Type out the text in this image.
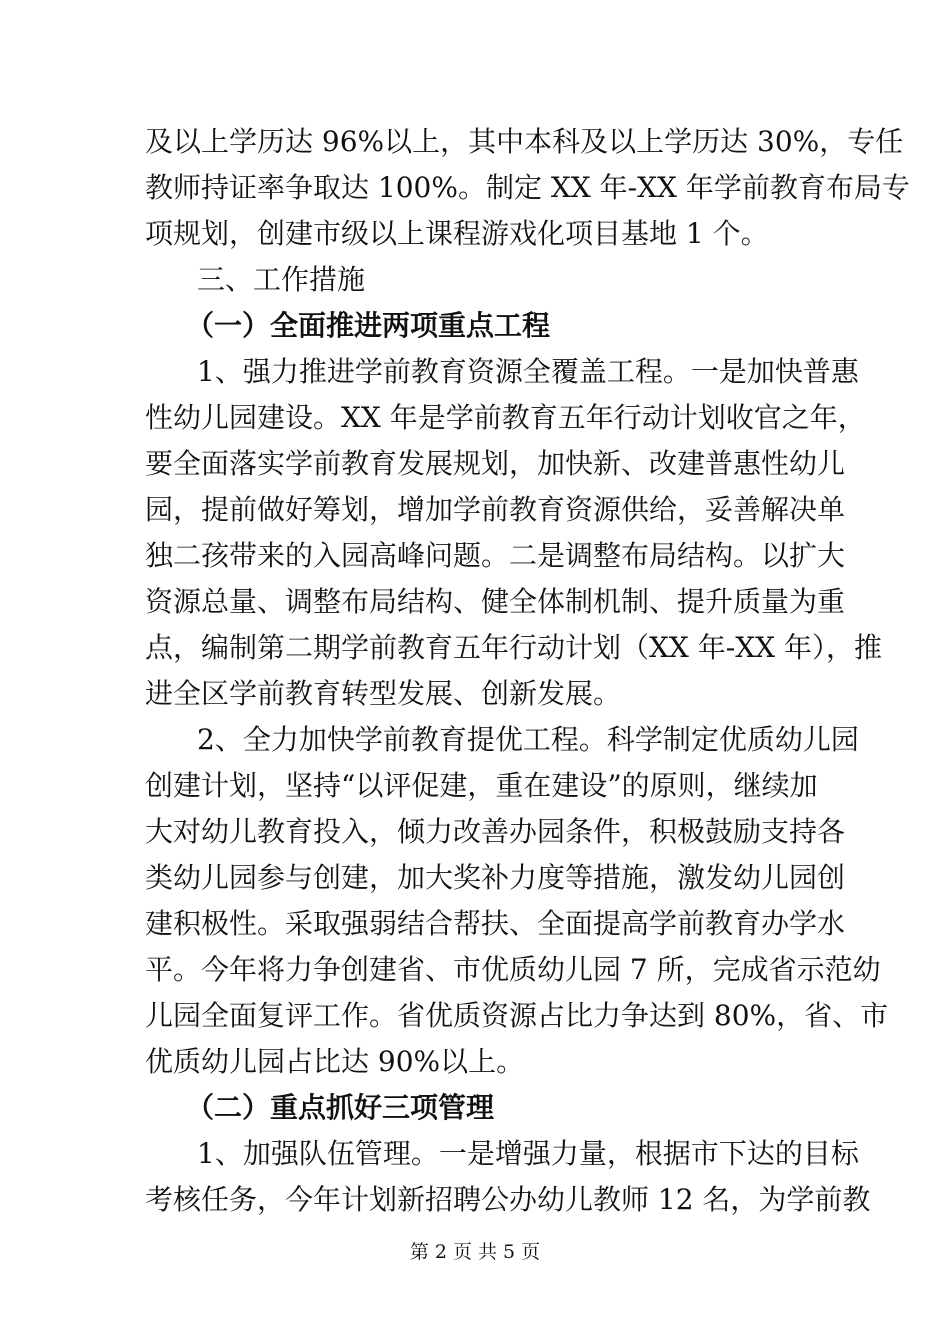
及以上学历达 96%以上，其中本科及以上学历达 30%，专任
教师持证率争取达 100%。制定 XX 年-XX 年学前教育布局专
项规划，创建市级以上课程游戏化项目基地 1 个。
三、工作措施
（一）全面推进两项重点工程
1、强力推进学前教育资源全覆盖工程。一是加快普惠
性幼儿园建设。XX 年是学前教育五年行动计划收官之年，
要全面落实学前教育发展规划，加快新、改建普惠性幼儿
园，提前做好筹划，增加学前教育资源供给，妥善解决单
独二孩带来的入园高峰问题。二是调整布局结构。以扩大
资源总量、调整布局结构、健全体制机制、提升质量为重
点，编制第二期学前教育五年行动计划（XX 年-XX 年），推
进全区学前教育转型发展、创新发展。
2、全力加快学前教育提优工程。科学制定优质幼儿园
创建计划，坚持“以评促建，重在建设”的原则，继续加
大对幼儿教育投入，倾力改善办园条件，积极鼓励支持各
类幼儿园参与创建，加大奖补力度等措施，激发幼儿园创
建积极性。采取强弱结合帮扶、全面提高学前教育办学水
平。今年将力争创建省、市优质幼儿园 7 所，完成省示范幼
儿园全面复评工作。省优质资源占比力争达到 80%，省、市
优质幼儿园占比达 90%以上。
（二）重点抓好三项管理
1、加强队伍管理。一是增强力量，根据市下达的目标
考核任务，今年计划新招聘公办幼儿教师 12 名，为学前教
第 2 页 共 5 页
